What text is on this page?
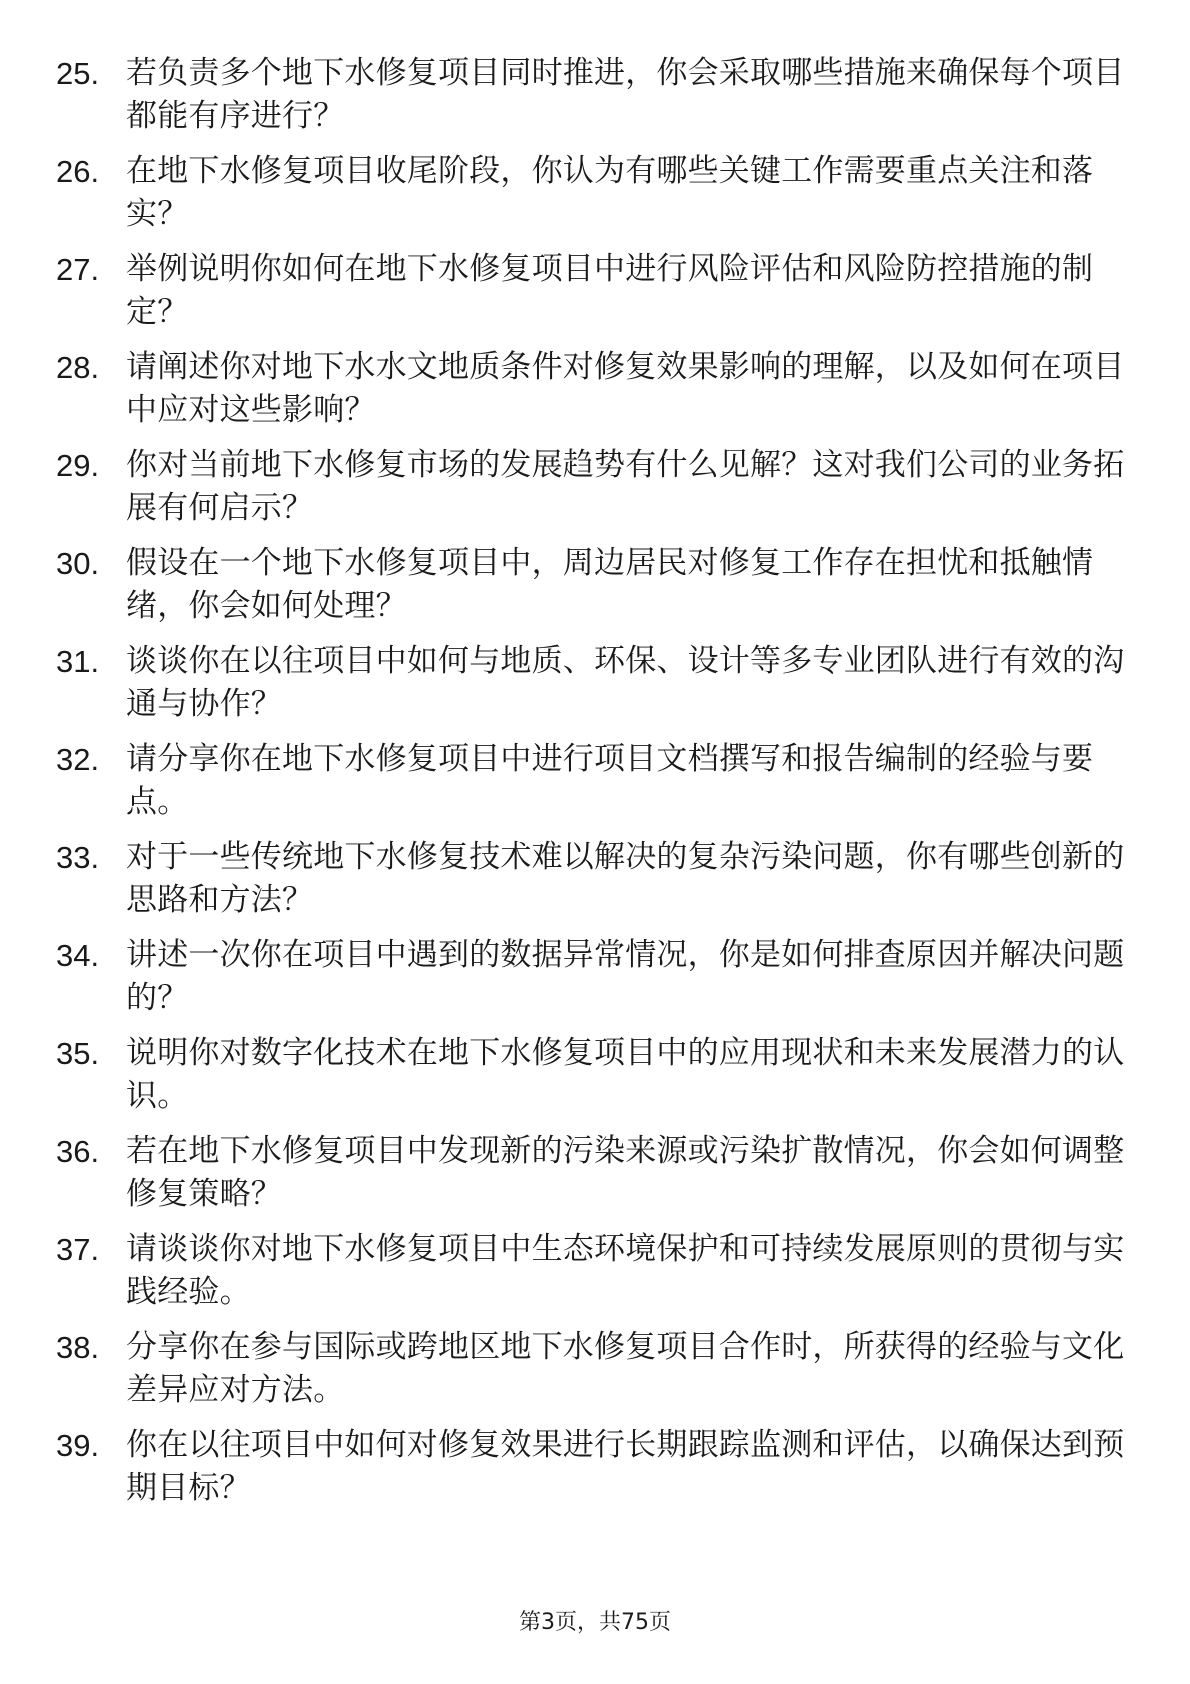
25. 若负责多个地下水修复项目同时推进，你会采取哪些措施来确保每个项目都能有序进行？
26. 在地下水修复项目收尾阶段，你认为有哪些关键工作需要重点关注和落实？
27. 举例说明你如何在地下水修复项目中进行风险评估和风险防控措施的制定？
28. 请阐述你对地下水水文地质条件对修复效果影响的理解，以及如何在项目中应对这些影响？
29. 你对当前地下水修复市场的发展趋势有什么见解？这对我们公司的业务拓展有何启示？
30. 假设在一个地下水修复项目中，周边居民对修复工作存在担忧和抵触情绪，你会如何处理？
31. 谈谈你在以往项目中如何与地质、环保、设计等多专业团队进行有效的沟通与协作？
32. 请分享你在地下水修复项目中进行项目文档撰写和报告编制的经验与要点。
33. 对于一些传统地下水修复技术难以解决的复杂污染问题，你有哪些创新的思路和方法？
34. 讲述一次你在项目中遇到的数据异常情况，你是如何排查原因并解决问题的？
35. 说明你对数字化技术在地下水修复项目中的应用现状和未来发展潜力的认识。
36. 若在地下水修复项目中发现新的污染来源或污染扩散情况，你会如何调整修复策略？
37. 请谈谈你对地下水修复项目中生态环境保护和可持续发展原则的贯彻与实践经验。
38. 分享你在参与国际或跨地区地下水修复项目合作时，所获得的经验与文化差异应对方法。
39. 你在以往项目中如何对修复效果进行长期跟踪监测和评估，以确保达到预期目标？
第3页，共75页
